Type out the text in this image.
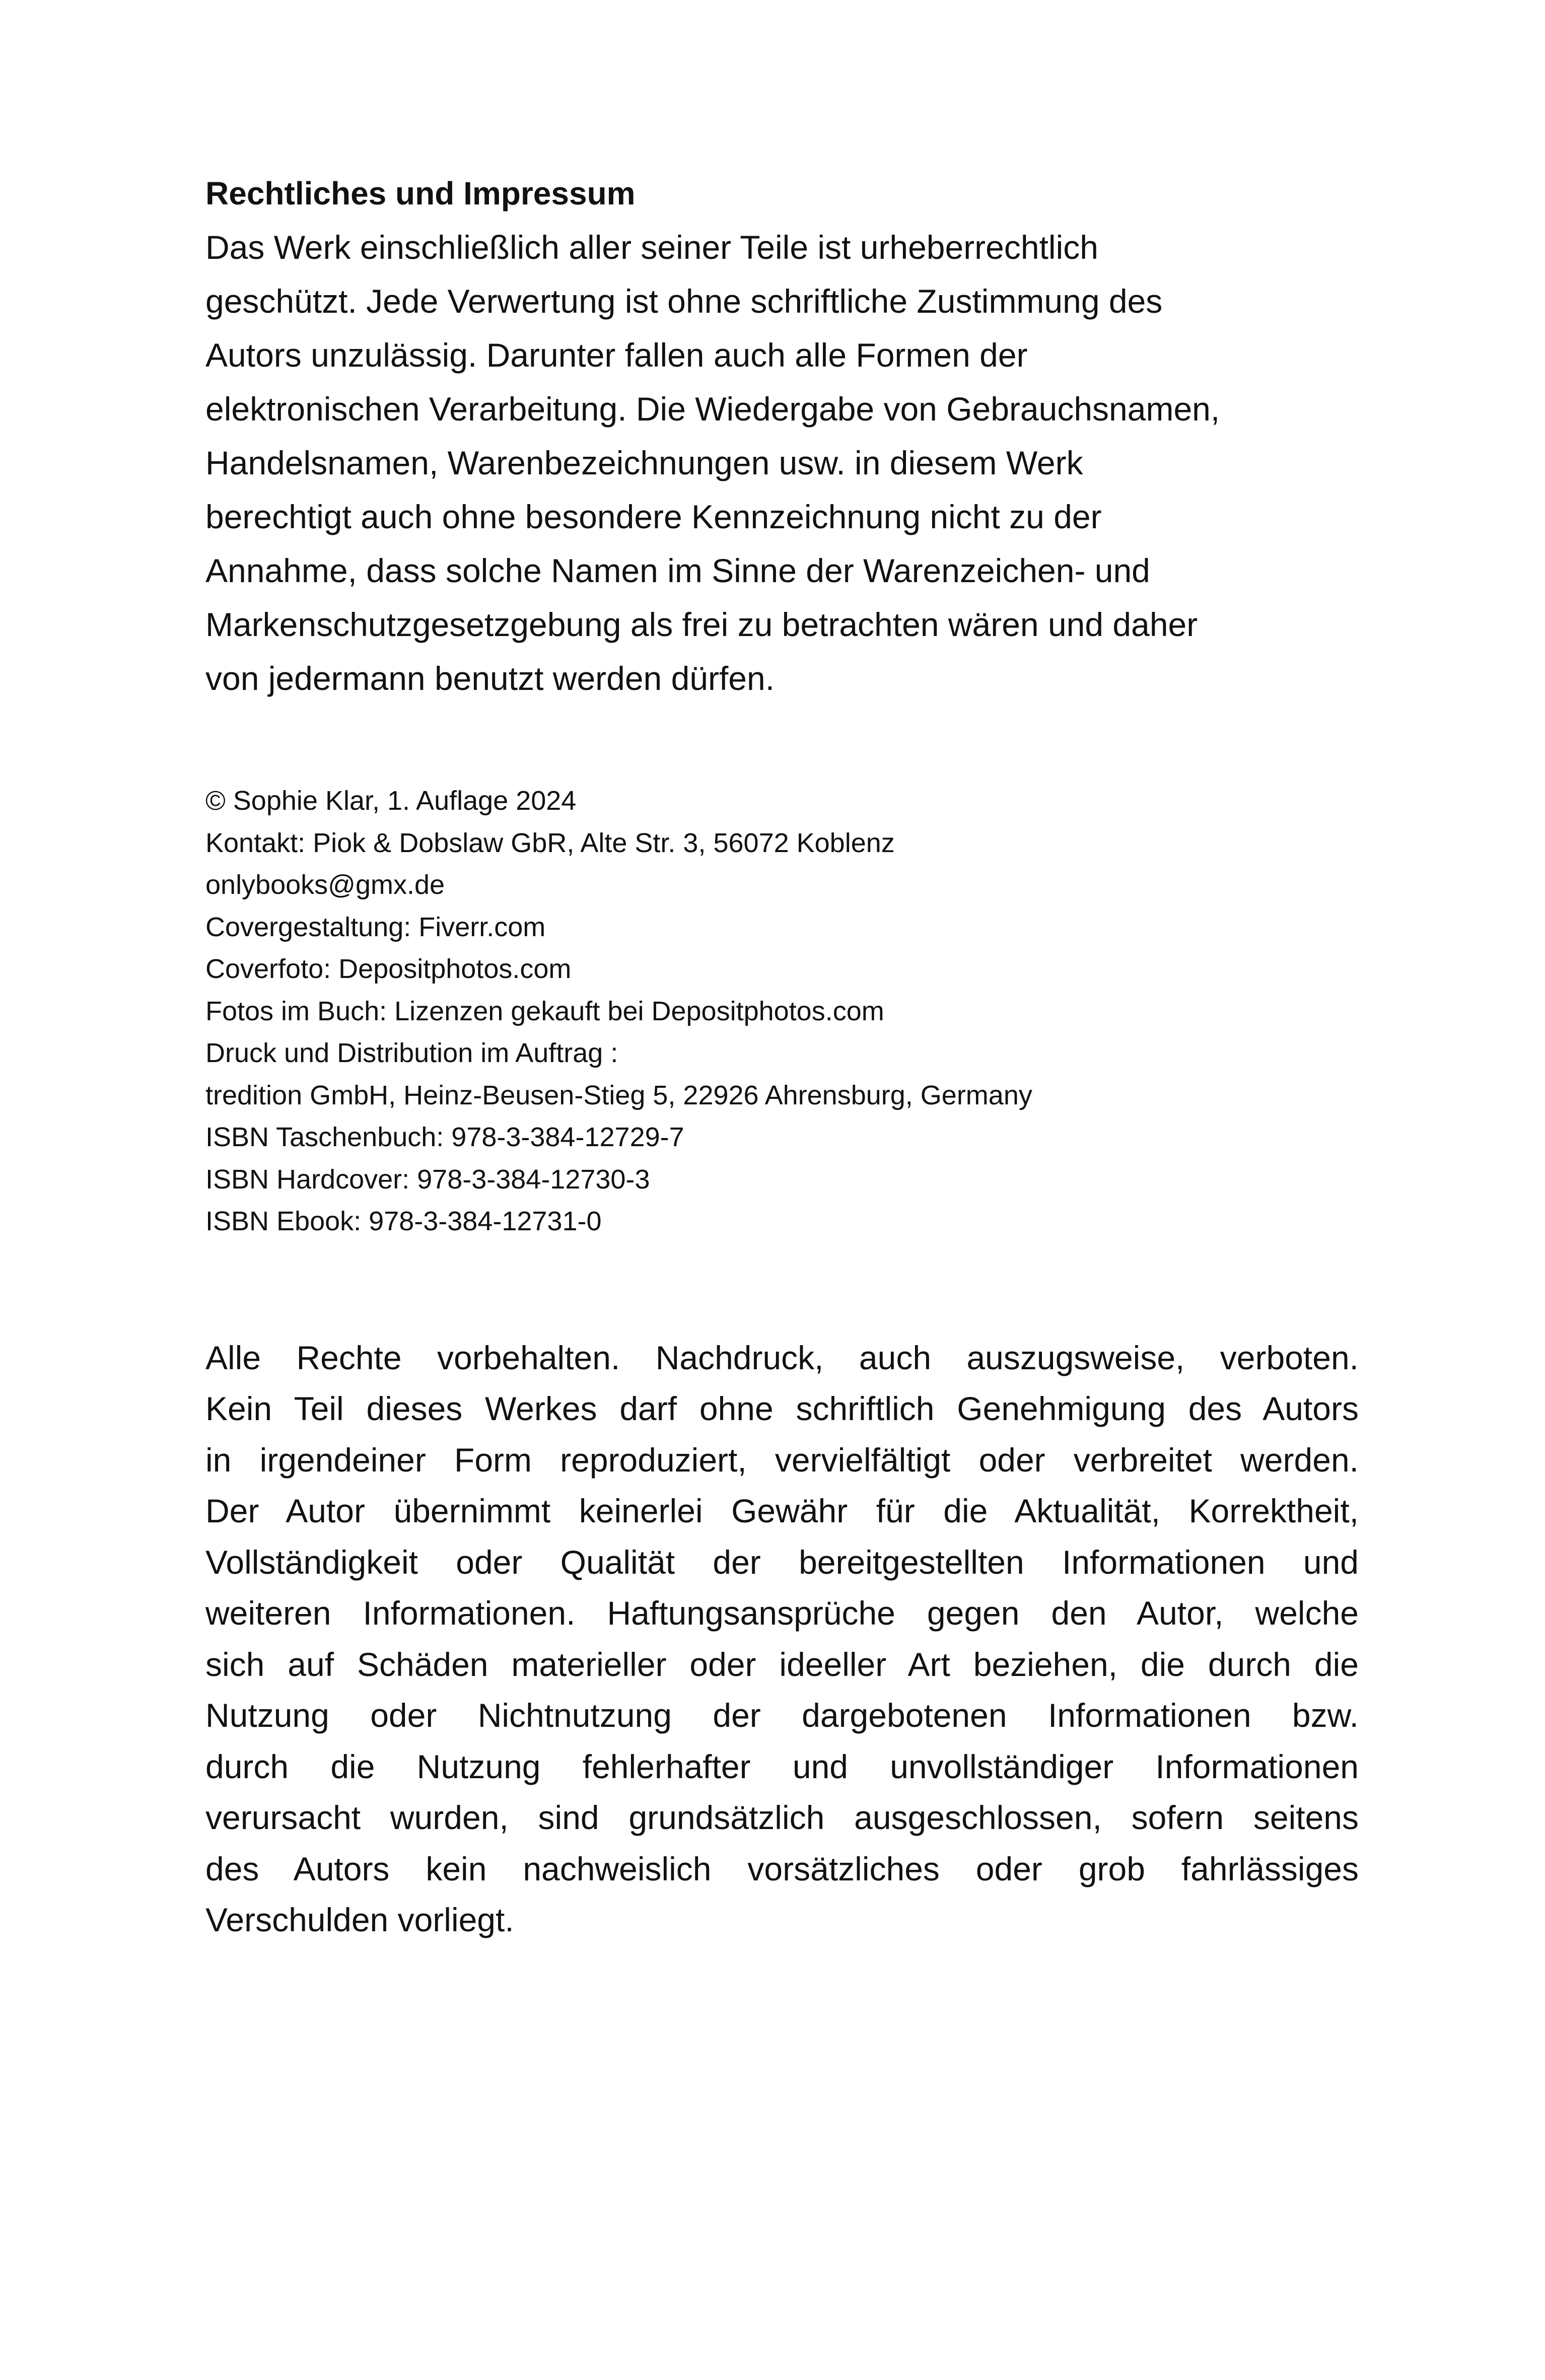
Rechtliches und Impressum
Das Werk einschließlich aller seiner Teile ist urheberrechtlich
geschützt. Jede Verwertung ist ohne schriftliche Zustimmung des
Autors unzulässig. Darunter fallen auch alle Formen der
elektronischen Verarbeitung. Die Wiedergabe von Gebrauchsnamen,
Handelsnamen, Warenbezeichnungen usw. in diesem Werk
berechtigt auch ohne besondere Kennzeichnung nicht zu der
Annahme, dass solche Namen im Sinne der Warenzeichen- und
Markenschutzgesetzgebung als frei zu betrachten wären und daher
von jedermann benutzt werden dürfen.
© Sophie Klar, 1. Auflage 2024
Kontakt: Piok & Dobslaw GbR, Alte Str. 3, 56072 Koblenz
onlybooks@gmx.de
Covergestaltung: Fiverr.com
Coverfoto: Depositphotos.com
Fotos im Buch: Lizenzen gekauft bei Depositphotos.com
Druck und Distribution im Auftrag :
tredition GmbH, Heinz-Beusen-Stieg 5, 22926 Ahrensburg, Germany
ISBN Taschenbuch: 978-3-384-12729-7
ISBN Hardcover: 978-3-384-12730-3
ISBN Ebook: 978-3-384-12731-0
Alle Rechte vorbehalten. Nachdruck, auch auszugsweise, verboten.
Kein Teil dieses Werkes darf ohne schriftlich Genehmigung des Autors
in irgendeiner Form reproduziert, vervielfältigt oder verbreitet werden.
Der Autor übernimmt keinerlei Gewähr für die Aktualität, Korrektheit,
Vollständigkeit oder Qualität der bereitgestellten Informationen und
weiteren Informationen. Haftungsansprüche gegen den Autor, welche
sich auf Schäden materieller oder ideeller Art beziehen, die durch die
Nutzung oder Nichtnutzung der dargebotenen Informationen bzw.
durch die Nutzung fehlerhafter und unvollständiger Informationen
verursacht wurden, sind grundsätzlich ausgeschlossen, sofern seitens
des Autors kein nachweislich vorsätzliches oder grob fahrlässiges
Verschulden vorliegt.
